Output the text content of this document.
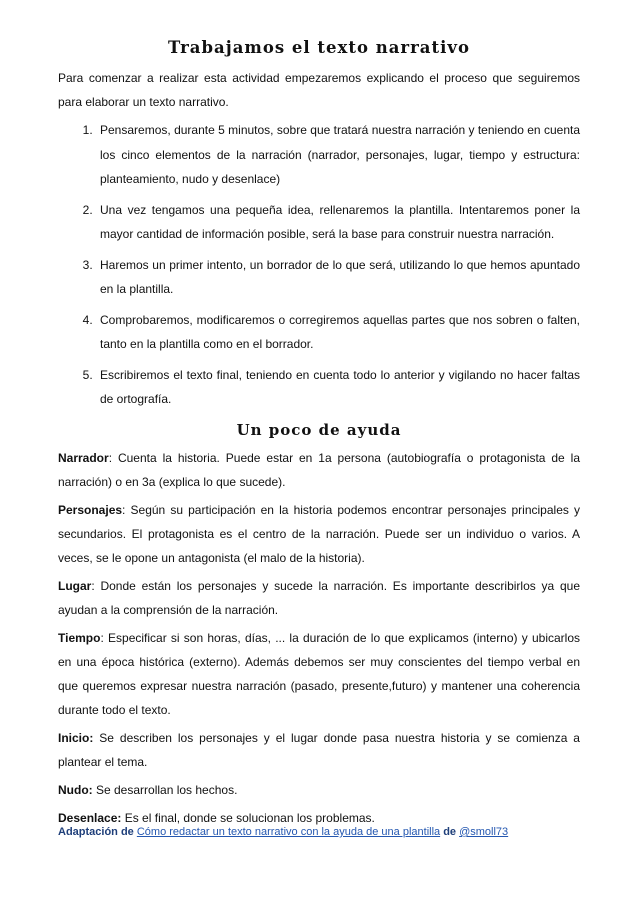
Trabajamos el texto narrativo

Para comenzar a realizar esta actividad empezaremos explicando el proceso que seguiremos para elaborar un texto narrativo.

1. Pensaremos, durante 5 minutos, sobre que tratará nuestra narración y teniendo en cuenta los cinco elementos de la narración (narrador, personajes, lugar, tiempo y estructura: planteamiento, nudo y desenlace)
2. Una vez tengamos una pequeña idea, rellenaremos la plantilla. Intentaremos poner la mayor cantidad de información posible, será la base para construir nuestra narración.
3. Haremos un primer intento, un borrador de lo que será, utilizando lo que hemos apuntado en la plantilla.
4. Comprobaremos, modificaremos o corregiremos aquellas partes que nos sobren o falten, tanto en la plantilla como en el borrador.
5. Escribiremos el texto final, teniendo en cuenta todo lo anterior y vigilando no hacer faltas de ortografía.
Un poco de ayuda

Narrador: Cuenta la historia. Puede estar en 1a persona (autobiografía o protagonista de la narración) o en 3a (explica lo que sucede).

Personajes: Según su participación en la historia podemos encontrar personajes principales y secundarios. El protagonista es el centro de la narración. Puede ser un individuo o varios. A veces, se le opone un antagonista (el malo de la historia).

Lugar: Donde están los personajes y sucede la narración. Es importante describirlos ya que ayudan a la comprensión de la narración.

Tiempo: Especificar si son horas, días, ... la duración de lo que explicamos (interno) y ubicarlos en una época histórica (externo). Además debemos ser muy conscientes del tiempo verbal en que queremos expresar nuestra narración (pasado, presente,futuro) y mantener una coherencia durante todo el texto.

Inicio: Se describen los personajes y el lugar donde pasa nuestra historia y se comienza a plantear el tema.

Nudo: Se desarrollan los hechos.

Desenlace: Es el final, donde se solucionan los problemas.

Adaptación de Cómo redactar un texto narrativo con la ayuda de una plantilla de @smoll73
